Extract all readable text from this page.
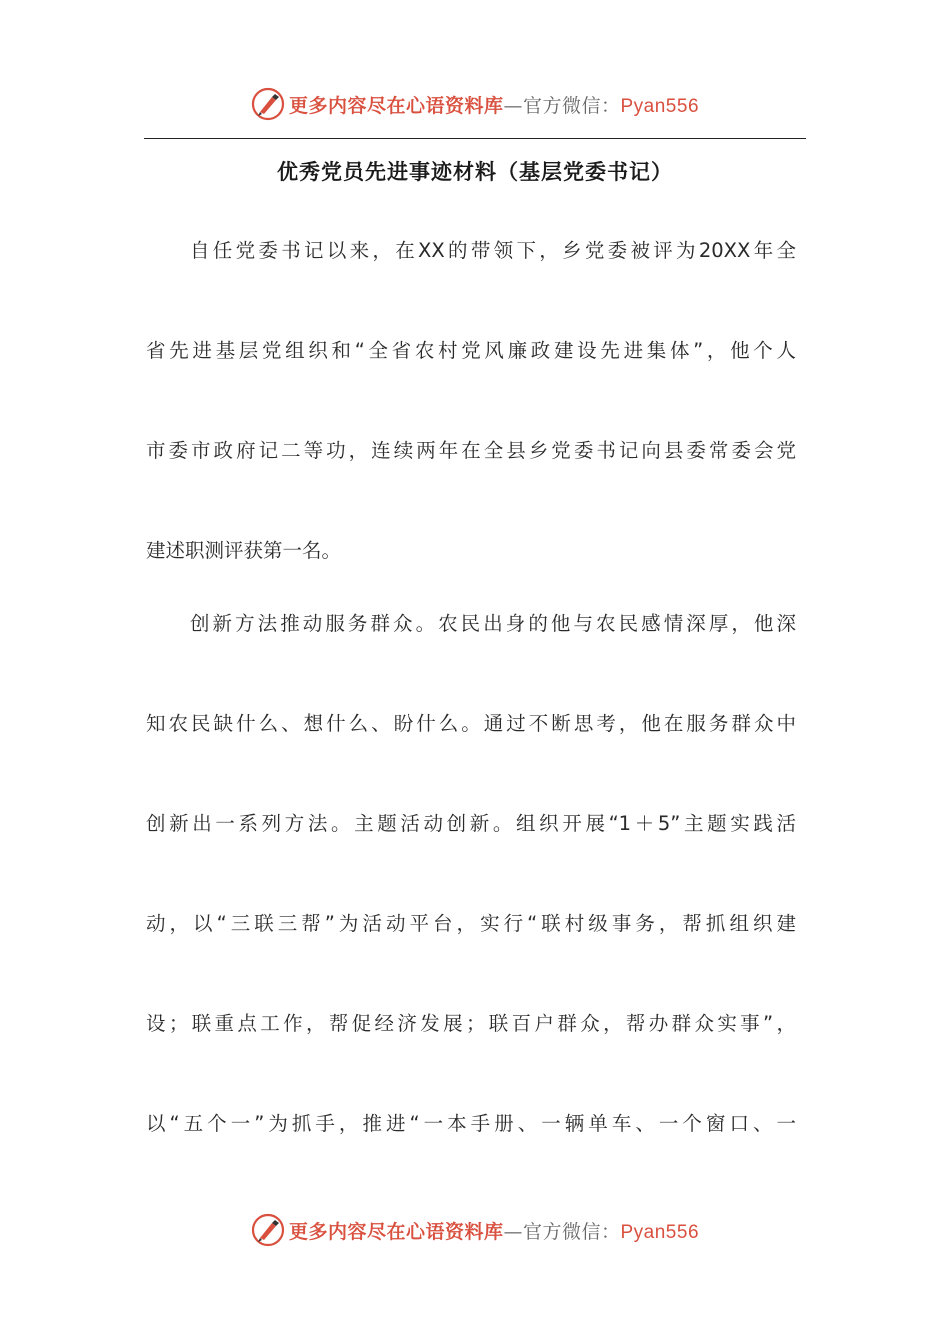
更多内容尽在心语资料库—官方微信：Pyan556
优秀党员先进事迹材料（基层党委书记）
自任党委书记以来，在XX的带领下，乡党委被评为20XX年全
省先进基层党组织和“全省农村党风廉政建设先进集体”，他个人
市委市政府记二等功，连续两年在全县乡党委书记向县委常委会党
建述职测评获第一名。
创新方法推动服务群众。农民出身的他与农民感情深厚，他深
知农民缺什么、想什么、盼什么。通过不断思考，他在服务群众中
创新出一系列方法。主题活动创新。组织开展“1＋5”主题实践活
动，以“三联三帮”为活动平台，实行“联村级事务，帮抓组织建
设；联重点工作，帮促经济发展；联百户群众，帮办群众实事”，
以“五个一”为抓手，推进“一本手册、一辆单车、一个窗口、一
更多内容尽在心语资料库—官方微信：Pyan556
